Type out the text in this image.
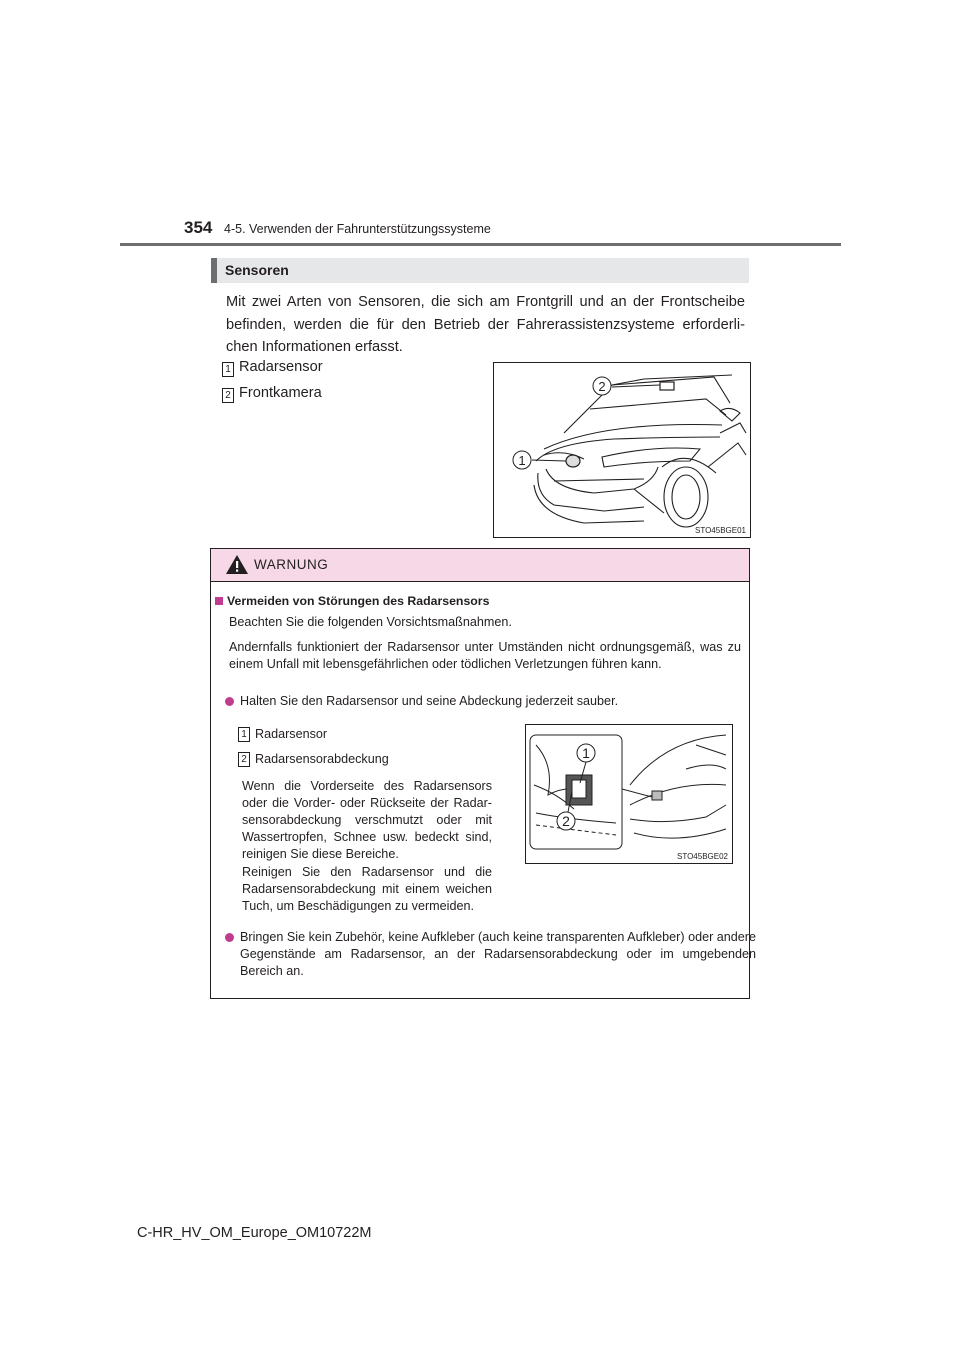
354 4-5. Verwenden der Fahrunterstützungssysteme
Sensoren
Mit zwei Arten von Sensoren, die sich am Frontgrill und an der Frontscheibe befinden, werden die für den Betrieb der Fahrerassistenzsysteme erforderli-chen Informationen erfasst.
1 Radarsensor
2 Frontkamera	2
1
STO45BGE01
WARNUNG
Vermeiden von Störungen des Radarsensors
Beachten Sie die folgenden Vorsichtsmaßnahmen.
Andernfalls funktioniert der Radarsensor unter Umständen nicht ordnungsgemäß, was zu einem Unfall mit lebensgefährlichen oder tödlichen Verletzungen führen kann.
Halten Sie den Radarsensor und seine Abdeckung jederzeit sauber.
1 Radarsensor
2 Radarsensorabdeckung
Wenn die Vorderseite des Radarsensors oder die Vorder- oder Rückseite der Radar-sensorabdeckung verschmutzt oder mit Wassertropfen, Schnee usw. bedeckt sind, reinigen Sie diese Bereiche.
Reinigen Sie den Radarsensor und die Radarsensorabdeckung mit einem weichen Tuch, um Beschädigungen zu vermeiden.
1
2
STO45BGE02
Bringen Sie kein Zubehör, keine Aufkleber (auch keine transparenten Aufkleber) oder andere Gegenstände am Radarsensor, an der Radarsensorabdeckung oder im umgebenden Bereich an.
C-HR_HV_OM_Europe_OM10722M
